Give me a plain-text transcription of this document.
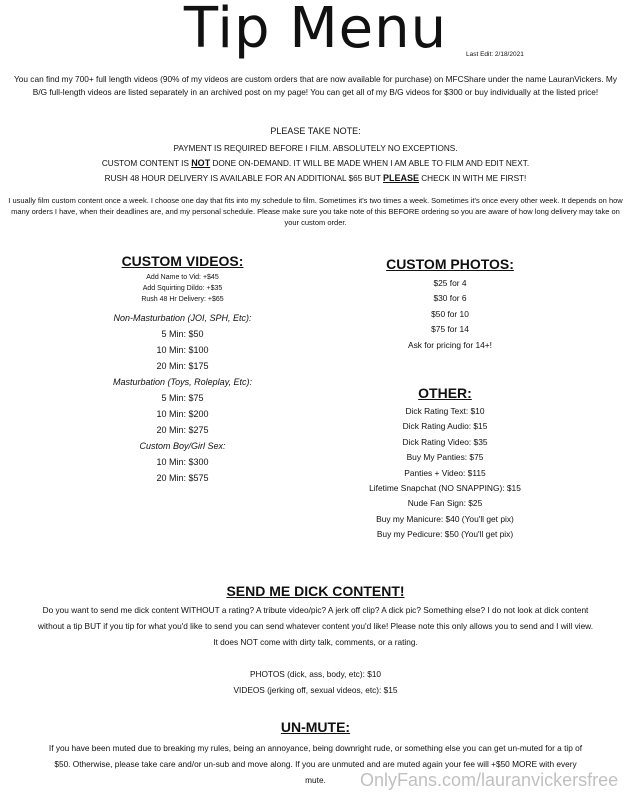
Tip Menu	Last Edit: 2/18/2021
You can find my 700+ full length videos (90% of my videos are custom orders that are now available for purchase) on MFCShare under the name LauranVickers. My B/G full-length videos are listed separately in an archived post on my page! You can get all of my B/G videos for $300 or buy individually at the listed price!
PLEASE TAKE NOTE:
PAYMENT IS REQUIRED BEFORE I FILM. ABSOLUTELY NO EXCEPTIONS.
CUSTOM CONTENT IS NOT DONE ON-DEMAND. IT WILL BE MADE WHEN I AM ABLE TO FILM AND EDIT NEXT.
RUSH 48 HOUR DELIVERY IS AVAILABLE FOR AN ADDITIONAL $65 BUT PLEASE CHECK IN WITH ME FIRST!
I usually film custom content once a week. I choose one day that fits into my schedule to film. Sometimes it's two times a week. Sometimes it's once every other week. It depends on how many orders I have, when their deadlines are, and my personal schedule. Please make sure you take note of this BEFORE ordering so you are aware of how long delivery may take on your custom order.
CUSTOM VIDEOS:
Add Name to Vid: +$45
Add Squirting Dildo: +$35
Rush 48 Hr Delivery: +$65
Non-Masturbation (JOI, SPH, Etc):
5 Min: $50
10 Min: $100
20 Min: $175
Masturbation (Toys, Roleplay, Etc):
5 Min: $75
10 Min: $200
20 Min: $275
Custom Boy/Girl Sex:
10 Min: $300
20 Min: $575
CUSTOM PHOTOS:
$25 for 4
$30 for 6
$50 for 10
$75 for 14
Ask for pricing for 14+!
OTHER:
Dick Rating Text: $10
Dick Rating Audio: $15
Dick Rating Video: $35
Buy My Panties: $75
Panties + Video: $115
Lifetime Snapchat (NO SNAPPING): $15
Nude Fan Sign: $25
Buy my Manicure: $40 (You'll get pix)
Buy my Pedicure: $50 (You'll get pix)
SEND ME DICK CONTENT!
Do you want to send me dick content WITHOUT a rating? A tribute video/pic? A jerk off clip? A dick pic? Something else? I do not look at dick content without a tip BUT if you tip for what you'd like to send you can send whatever content you'd like! Please note this only allows you to send and I will view. It does NOT come with dirty talk, comments, or a rating.
PHOTOS (dick, ass, body, etc): $10
VIDEOS (jerking off, sexual videos, etc): $15
UN-MUTE:
If you have been muted due to breaking my rules, being an annoyance, being downright rude, or something else you can get un-muted for a tip of $50. Otherwise, please take care and/or un-sub and move along. If you are unmuted and are muted again your fee will +$50 MORE with every mute.	OnlyFans.com/lauranvickersfree
